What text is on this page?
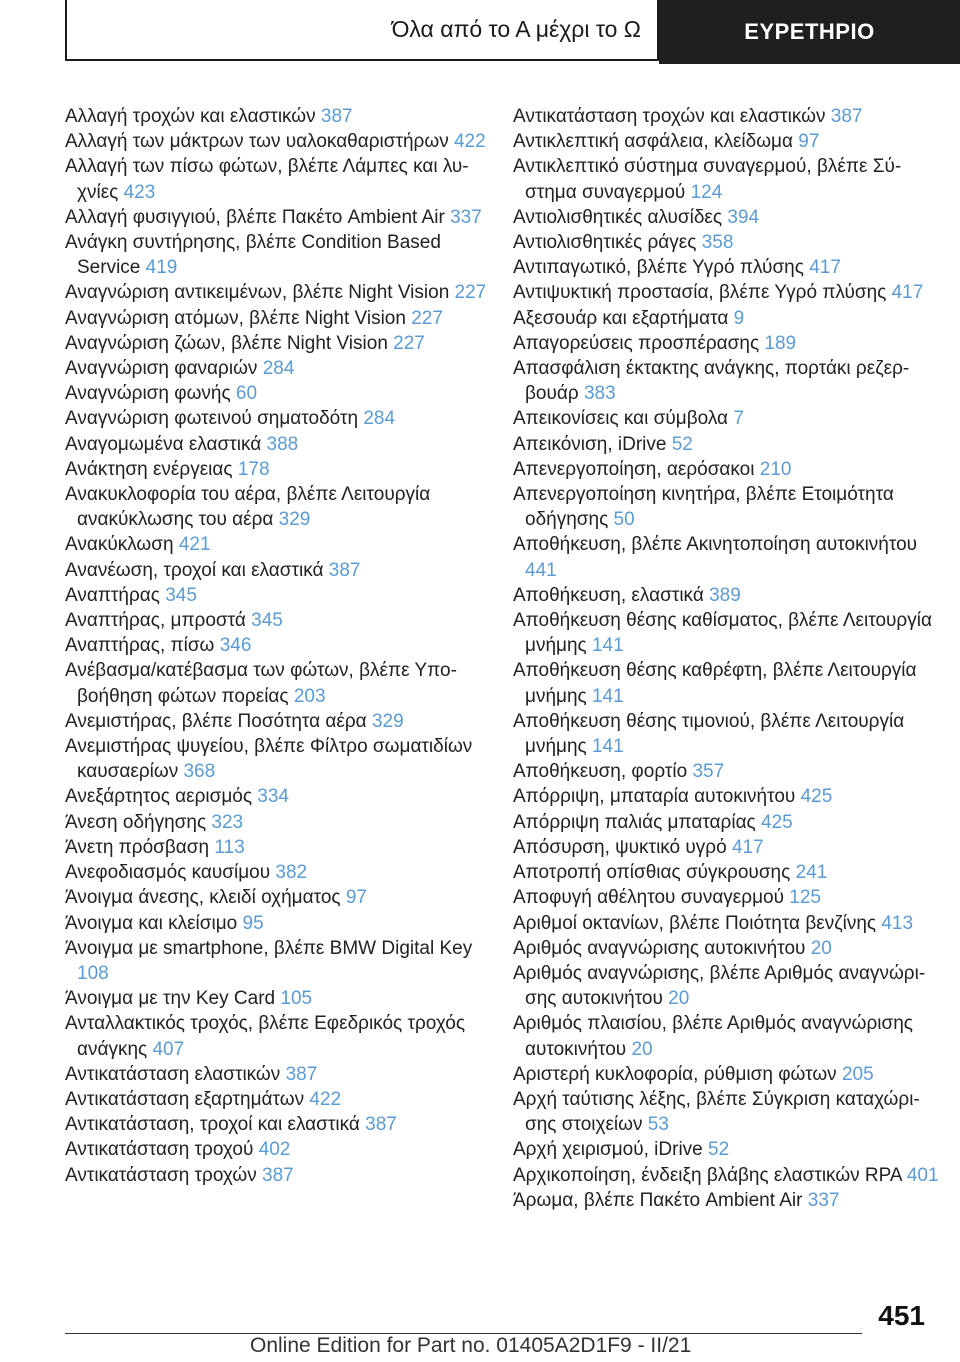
Όλα από το Α μέχρι το Ω	ΕΥΡΕΤΗΡΙΟ
Αλλαγή τροχών και ελαστικών 387
Αλλαγή των μάκτρων των υαλοκαθαριστήρων 422
Αλλαγή των πίσω φώτων, βλέπε Λάμπες και λυχνίες 423
Αλλαγή φυσιγγιού, βλέπε Πακέτο Ambient Air 337
Ανάγκη συντήρησης, βλέπε Condition Based Service 419
Αναγνώριση αντικειμένων, βλέπε Night Vision 227
Αναγνώριση ατόμων, βλέπε Night Vision 227
Αναγνώριση ζώων, βλέπε Night Vision 227
Αναγνώριση φαναριών 284
Αναγνώριση φωνής 60
Αναγνώριση φωτεινού σηματοδότη 284
Αναγομωμένα ελαστικά 388
Ανάκτηση ενέργειας 178
Ανακυκλοφορία του αέρα, βλέπε Λειτουργία ανακύκλωσης του αέρα 329
Ανακύκλωση 421
Ανανέωση, τροχοί και ελαστικά 387
Αναπτήρας 345
Αναπτήρας, μπροστά 345
Αναπτήρας, πίσω 346
Ανέβασμα/κατέβασμα των φώτων, βλέπε Υποβοήθηση φώτων πορείας 203
Ανεμιστήρας, βλέπε Ποσότητα αέρα 329
Ανεμιστήρας ψυγείου, βλέπε Φίλτρο σωματιδίων καυσαερίων 368
Ανεξάρτητος αερισμός 334
Άνεση οδήγησης 323
Άνετη πρόσβαση 113
Ανεφοδιασμός καυσίμου 382
Άνοιγμα άνεσης, κλειδί οχήματος 97
Άνοιγμα και κλείσιμο 95
Άνοιγμα με smartphone, βλέπε BMW Digital Key 108
Άνοιγμα με την Key Card 105
Ανταλλακτικός τροχός, βλέπε Εφεδρικός τροχός ανάγκης 407
Αντικατάσταση ελαστικών 387
Αντικατάσταση εξαρτημάτων 422
Αντικατάσταση, τροχοί και ελαστικά 387
Αντικατάσταση τροχού 402
Αντικατάσταση τροχών 387
Αντικατάσταση τροχών και ελαστικών 387
Αντικλεπτική ασφάλεια, κλείδωμα 97
Αντικλεπτικό σύστημα συναγερμού, βλέπε Σύστημα συναγερμού 124
Αντιολισθητικές αλυσίδες 394
Αντιολισθητικές ράγες 358
Αντιπαγωτικό, βλέπε Υγρό πλύσης 417
Αντιψυκτική προστασία, βλέπε Υγρό πλύσης 417
Αξεσουάρ και εξαρτήματα 9
Απαγορεύσεις προσπέρασης 189
Απασφάλιση έκτακτης ανάγκης, πορτάκι ρεζερβουάρ 383
Απεικονίσεις και σύμβολα 7
Απεικόνιση, iDrive 52
Απενεργοποίηση, αερόσακοι 210
Απενεργοποίηση κινητήρα, βλέπε Ετοιμότητα οδήγησης 50
Αποθήκευση, βλέπε Ακινητοποίηση αυτοκινήτου 441
Αποθήκευση, ελαστικά 389
Αποθήκευση θέσης καθίσματος, βλέπε Λειτουργία μνήμης 141
Αποθήκευση θέσης καθρέφτη, βλέπε Λειτουργία μνήμης 141
Αποθήκευση θέσης τιμονιού, βλέπε Λειτουργία μνήμης 141
Αποθήκευση, φορτίο 357
Απόρριψη, μπαταρία αυτοκινήτου 425
Απόρριψη παλιάς μπαταρίας 425
Απόσυρση, ψυκτικό υγρό 417
Αποτροπή οπίσθιας σύγκρουσης 241
Αποφυγή αθέλητου συναγερμού 125
Αριθμοί οκτανίων, βλέπε Ποιότητα βενζίνης 413
Αριθμός αναγνώρισης αυτοκινήτου 20
Αριθμός αναγνώρισης, βλέπε Αριθμός αναγνώρισης αυτοκινήτου 20
Αριθμός πλαισίου, βλέπε Αριθμός αναγνώρισης αυτοκινήτου 20
Αριστερή κυκλοφορία, ρύθμιση φώτων 205
Αρχή ταύτισης λέξης, βλέπε Σύγκριση καταχώρισης στοιχείων 53
Αρχή χειρισμού, iDrive 52
Αρχικοποίηση, ένδειξη βλάβης ελαστικών RPA 401
Άρωμα, βλέπε Πακέτο Ambient Air 337
451
Online Edition for Part no. 01405A2D1F9 - II/21
